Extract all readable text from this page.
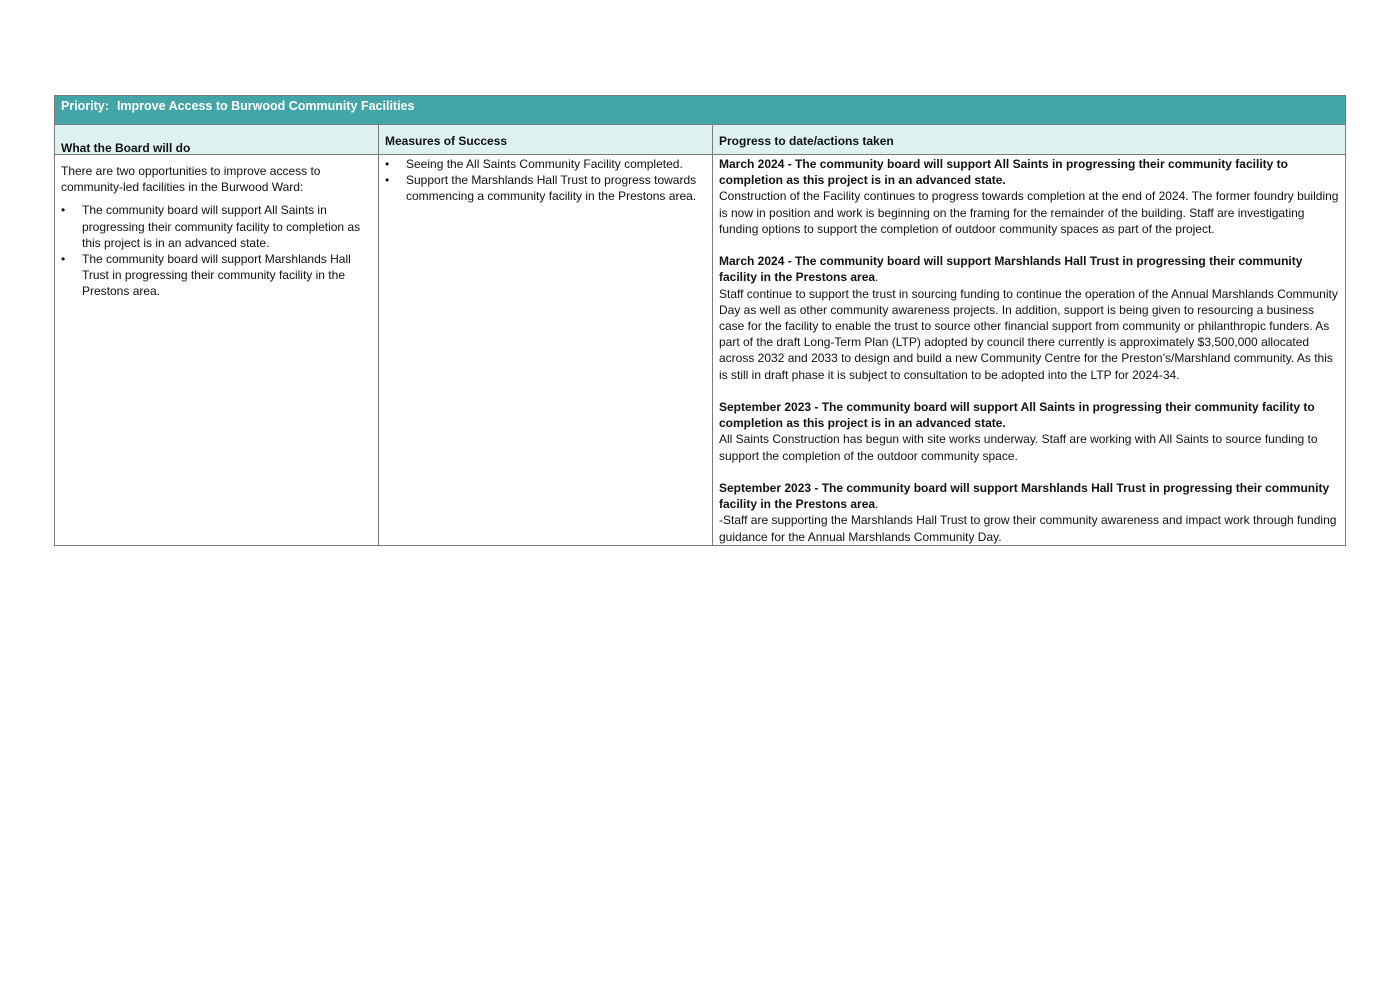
Priority: Improve Access to Burwood Community Facilities
What the Board will do	Measures of Success	Progress to date/actions taken

There are two opportunities to improve access to community-led facilities in the Burwood Ward:

• The community board will support All Saints in progressing their community facility to completion as this project is in an advanced state.
• The community board will support Marshlands Hall Trust in progressing their community facility in the Prestons area.
• Seeing the All Saints Community Facility completed.
• Support the Marshlands Hall Trust to progress towards commencing a community facility in the Prestons area.

March 2024 - The community board will support All Saints in progressing their community facility to completion as this project is in an advanced state.

Construction of the Facility continues to progress towards completion at the end of 2024. The former foundry building is now in position and work is beginning on the framing for the remainder of the building. Staff are investigating funding options to support the completion of outdoor community spaces as part of the project.

March 2024 - The community board will support Marshlands Hall Trust in progressing their community facility in the Prestons area.

Staff continue to support the trust in sourcing funding to continue the operation of the Annual Marshlands Community Day as well as other community awareness projects. In addition, support is being given to resourcing a business case for the facility to enable the trust to source other financial support from community or philanthropic funders. As part of the draft Long-Term Plan (LTP) adopted by council there currently is approximately $3,500,000 allocated across 2032 and 2033 to design and build a new Community Centre for the Preston’s/Marshland community. As this is still in draft phase it is subject to consultation to be adopted into the LTP for 2024-34.

September 2023 - The community board will support All Saints in progressing their community facility to completion as this project is in an advanced state.

All Saints Construction has begun with site works underway. Staff are working with All Saints to source funding to support the completion of the outdoor community space.

September 2023 - The community board will support Marshlands Hall Trust in progressing their community facility in the Prestons area.

-Staff are supporting the Marshlands Hall Trust to grow their community awareness and impact work through funding guidance for the Annual Marshlands Community Day.
